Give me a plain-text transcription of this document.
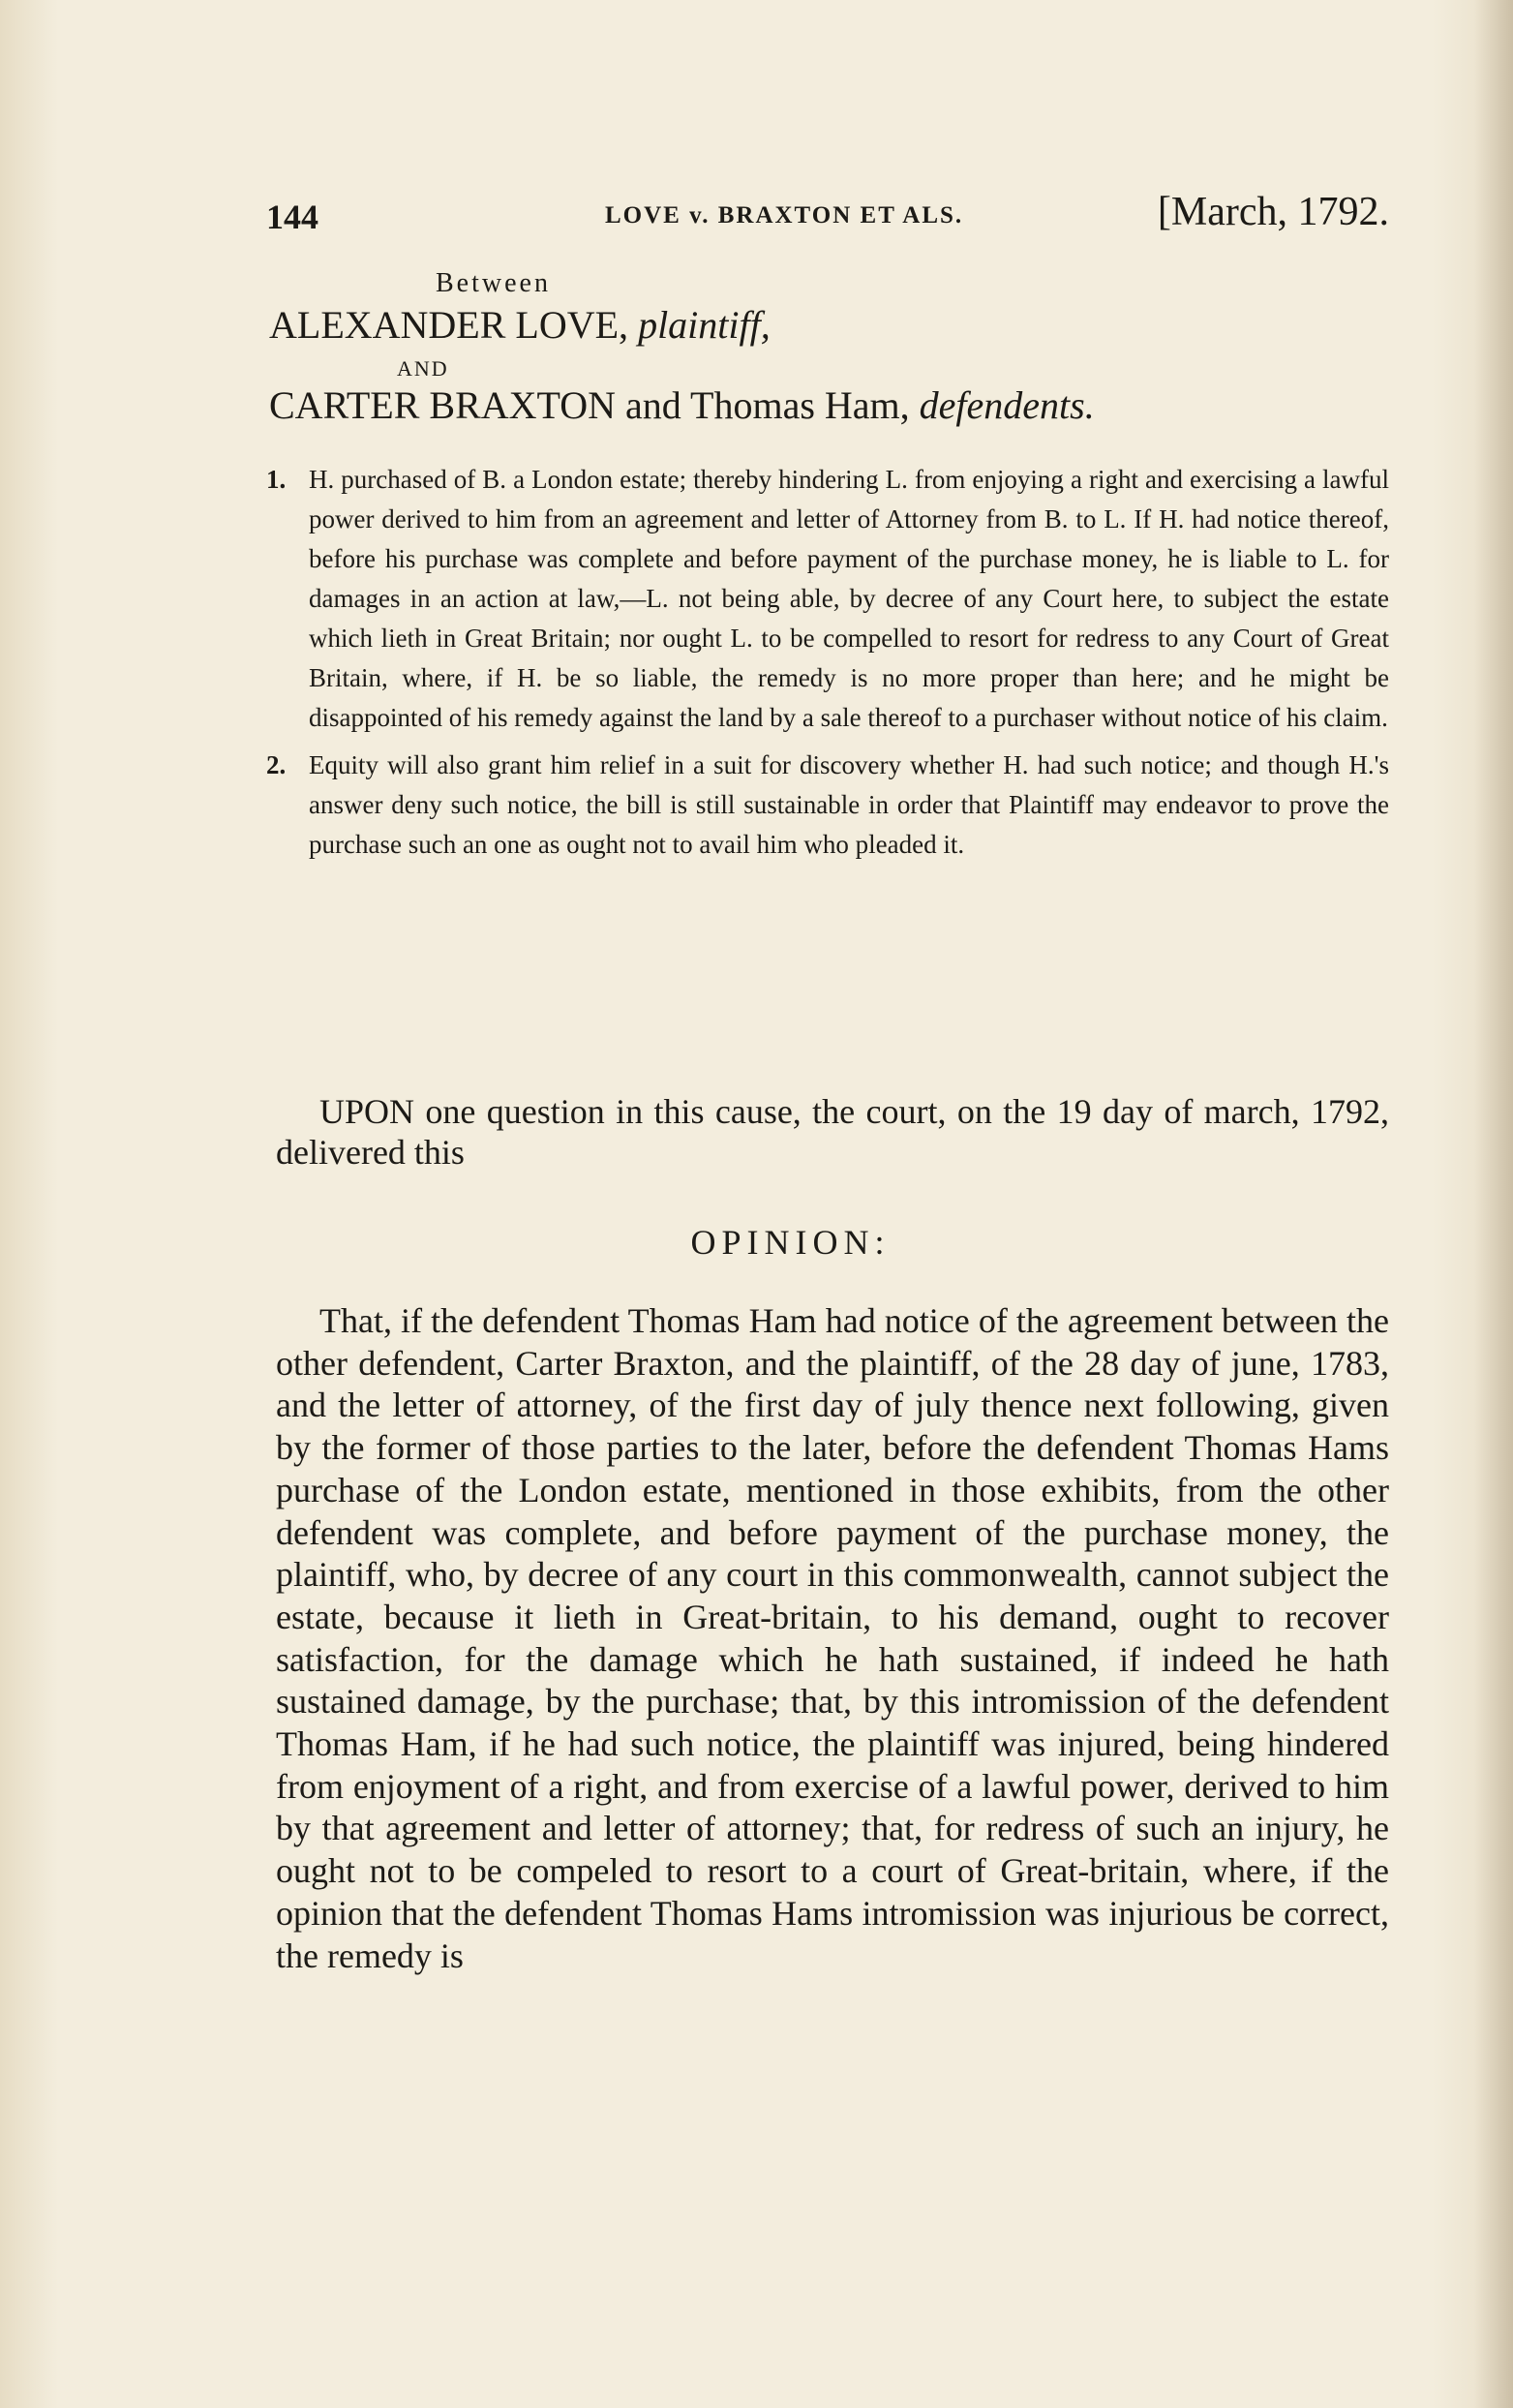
144	LOVE v. BRAXTON ET ALS.	[March, 1792.
Between
ALEXANDER LOVE, plaintiff,
AND
CARTER BRAXTON and Thomas Ham, defendents.
1. H. purchased of B. a London estate; thereby hindering L. from enjoying a right and exercising a lawful power derived to him from an agreement and letter of Attorney from B. to L. If H. had notice thereof, before his purchase was complete and before payment of the purchase money, he is liable to L. for damages in an action at law,—L. not being able, by decree of any Court here, to subject the estate which lieth in Great Britain; nor ought L. to be compelled to resort for redress to any Court of Great Britain, where, if H. be so liable, the remedy is no more proper than here; and he might be disappointed of his remedy against the land by a sale thereof to a purchaser without notice of his claim.
2. Equity will also grant him relief in a suit for discovery whether H. had such notice; and though H.'s answer deny such notice, the bill is still sustainable in order that Plaintiff may endeavor to prove the purchase such an one as ought not to avail him who pleaded it.
UPON one question in this cause, the court, on the 19 day of march, 1792, delivered this
OPINION:
That, if the defendent Thomas Ham had notice of the agreement between the other defendent, Carter Braxton, and the plaintiff, of the 28 day of june, 1783, and the letter of attorney, of the first day of july thence next following, given by the former of those parties to the later, before the defendent Thomas Hams purchase of the London estate, mentioned in those exhibits, from the other defendent was complete, and before payment of the purchase money, the plaintiff, who, by decree of any court in this commonwealth, cannot subject the estate, because it lieth in Great-britain, to his demand, ought to recover satisfaction, for the damage which he hath sustained, if indeed he hath sustained damage, by the purchase; that, by this intromission of the defendent Thomas Ham, if he had such notice, the plaintiff was injured, being hindered from enjoyment of a right, and from exercise of a lawful power, derived to him by that agreement and letter of attorney; that, for redress of such an injury, he ought not to be compeled to resort to a court of Great-britain, where, if the opinion that the defendent Thomas Hams intromission was injurious be correct, the remedy is
